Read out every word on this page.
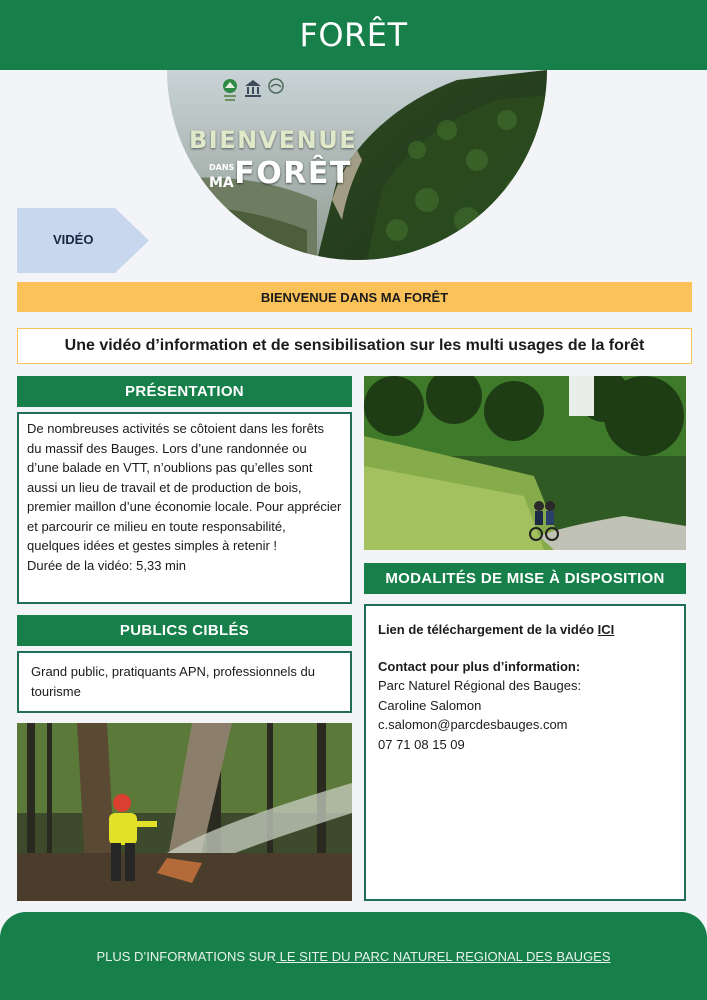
FORÊT
BIENVENUE
DANS
MA FORÊT
VIDÉO
BIENVENUE DANS MA FORÊT
Une vidéo d’information et de sensibilisation sur les multi usages de la forêt
PRÉSENTATION

De nombreuses activités se côtoient dans les forêts du massif des Bauges. Lors d’une randonnée ou d’une balade en VTT, n’oublions pas qu’elles sont aussi un lieu de travail et de production de bois, premier maillon d’une économie locale. Pour apprécier et parcourir ce milieu en toute responsabilité, quelques idées et gestes simples à retenir !

Durée de la vidéo: 5,33 min

PUBLICS CIBLÉS

Grand public, pratiquants APN, professionnels du tourisme

MODALITÉS DE MISE À DISPOSITION

Lien de téléchargement de la vidéo ICI

Contact pour plus d’information:

Parc Naturel Régional des Bauges:

Caroline Salomon

c.salomon@parcdesbauges.com

07 71 08 15 09

PLUS D’INFORMATIONS SUR LE SITE DU PARC NATUREL REGIONAL DES BAUGES
